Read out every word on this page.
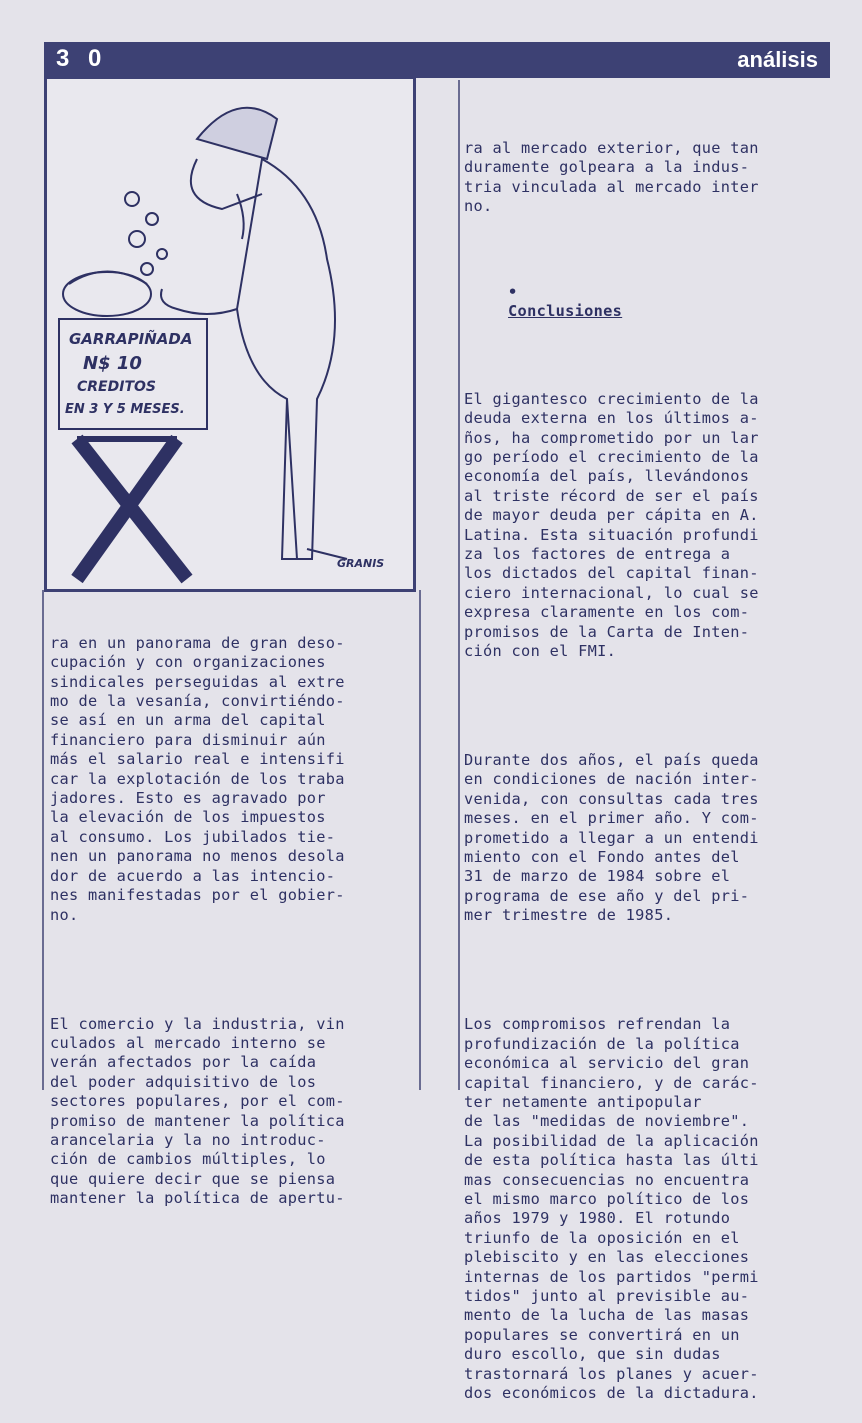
3 0	análisis
GARRAPIÑADA
N$ 10
CREDITOS
EN 3 Y 5 MESES.
GRANIS

ra en un panorama de gran deso-
cupación y con organizaciones
sindicales perseguidas al extre
mo de la vesanía, convirtiéndo-
se así en un arma del capital
financiero para disminuir aún
más el salario real e intensifi
car la explotación de los traba
jadores. Esto es agravado por
la elevación de los impuestos
al consumo. Los jubilados tie-
nen un panorama no menos desola
dor de acuerdo a las intencio-
nes manifestadas por el gobier-
no.

El comercio y la industria, vin
culados al mercado interno se
verán afectados por la caída
del poder adquisitivo de los
sectores populares, por el com-
promiso de mantener la política
arancelaria y la no introduc-
ción de cambios múltiples, lo
que quiere decir que se piensa
mantener la política de apertu-

ra al mercado exterior, que tan
duramente golpeara a la indus-
tria vinculada al mercado inter
no.

•
Conclusiones

El gigantesco crecimiento de la
deuda externa en los últimos a-
ños, ha comprometido por un lar
go período el crecimiento de la
economía del país, llevándonos
al triste récord de ser el país
de mayor deuda per cápita en A.
Latina. Esta situación profundi
za los factores de entrega a
los dictados del capital finan-
ciero internacional, lo cual se
expresa claramente en los com-
promisos de la Carta de Inten-
ción con el FMI.

Durante dos años, el país queda
en condiciones de nación inter-
venida, con consultas cada tres
meses. en el primer año. Y com-
prometido a llegar a un entendi
miento con el Fondo antes del
31 de marzo de 1984 sobre el
programa de ese año y del pri-
mer trimestre de 1985.

Los compromisos refrendan la
profundización de la política
económica al servicio del gran
capital financiero, y de carác-
ter netamente antipopular
de las "medidas de noviembre".
La posibilidad de la aplicación
de esta política hasta las últi
mas consecuencias no encuentra
el mismo marco político de los
años 1979 y 1980. El rotundo
triunfo de la oposición en el
plebiscito y en las elecciones
internas de los partidos "permi
tidos" junto al previsible au-
mento de la lucha de las masas
populares se convertirá en un
duro escollo, que sin dudas
trastornará los planes y acuer-
dos económicos de la dictadura.
